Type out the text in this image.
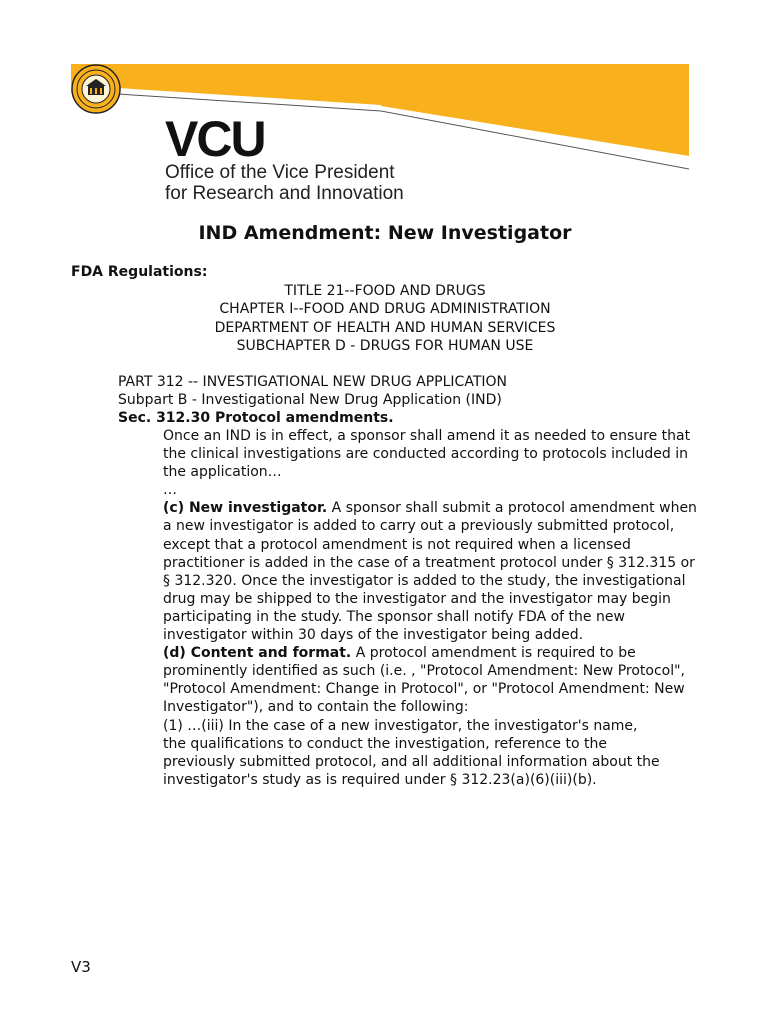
VCU
Office of the Vice President
for Research and Innovation
IND Amendment: New Investigator
FDA Regulations:
TITLE 21--FOOD AND DRUGS
CHAPTER I--FOOD AND DRUG ADMINISTRATION
DEPARTMENT OF HEALTH AND HUMAN SERVICES
SUBCHAPTER D - DRUGS FOR HUMAN USE
PART 312 -- INVESTIGATIONAL NEW DRUG APPLICATION
Subpart B - Investigational New Drug Application (IND)
Sec. 312.30 Protocol amendments.

Once an IND is in effect, a sponsor shall amend it as needed to ensure that the clinical investigations are conducted according to protocols included in the application…

…

(c) New investigator. A sponsor shall submit a protocol amendment when a new investigator is added to carry out a previously submitted protocol, except that a protocol amendment is not required when a licensed practitioner is added in the case of a treatment protocol under § 312.315 or § 312.320. Once the investigator is added to the study, the investigational drug may be shipped to the investigator and the investigator may begin participating in the study. The sponsor shall notify FDA of the new investigator within 30 days of the investigator being added.

(d) Content and format. A protocol amendment is required to be prominently identified as such (i.e. , "Protocol Amendment: New Protocol", "Protocol Amendment: Change in Protocol", or "Protocol Amendment: New Investigator"), and to contain the following:

(1) …(iii) In the case of a new investigator, the investigator's name, the qualifications to conduct the investigation, reference to the previously submitted protocol, and all additional information about the investigator's study as is required under § 312.23(a)(6)(iii)(b).

V3
